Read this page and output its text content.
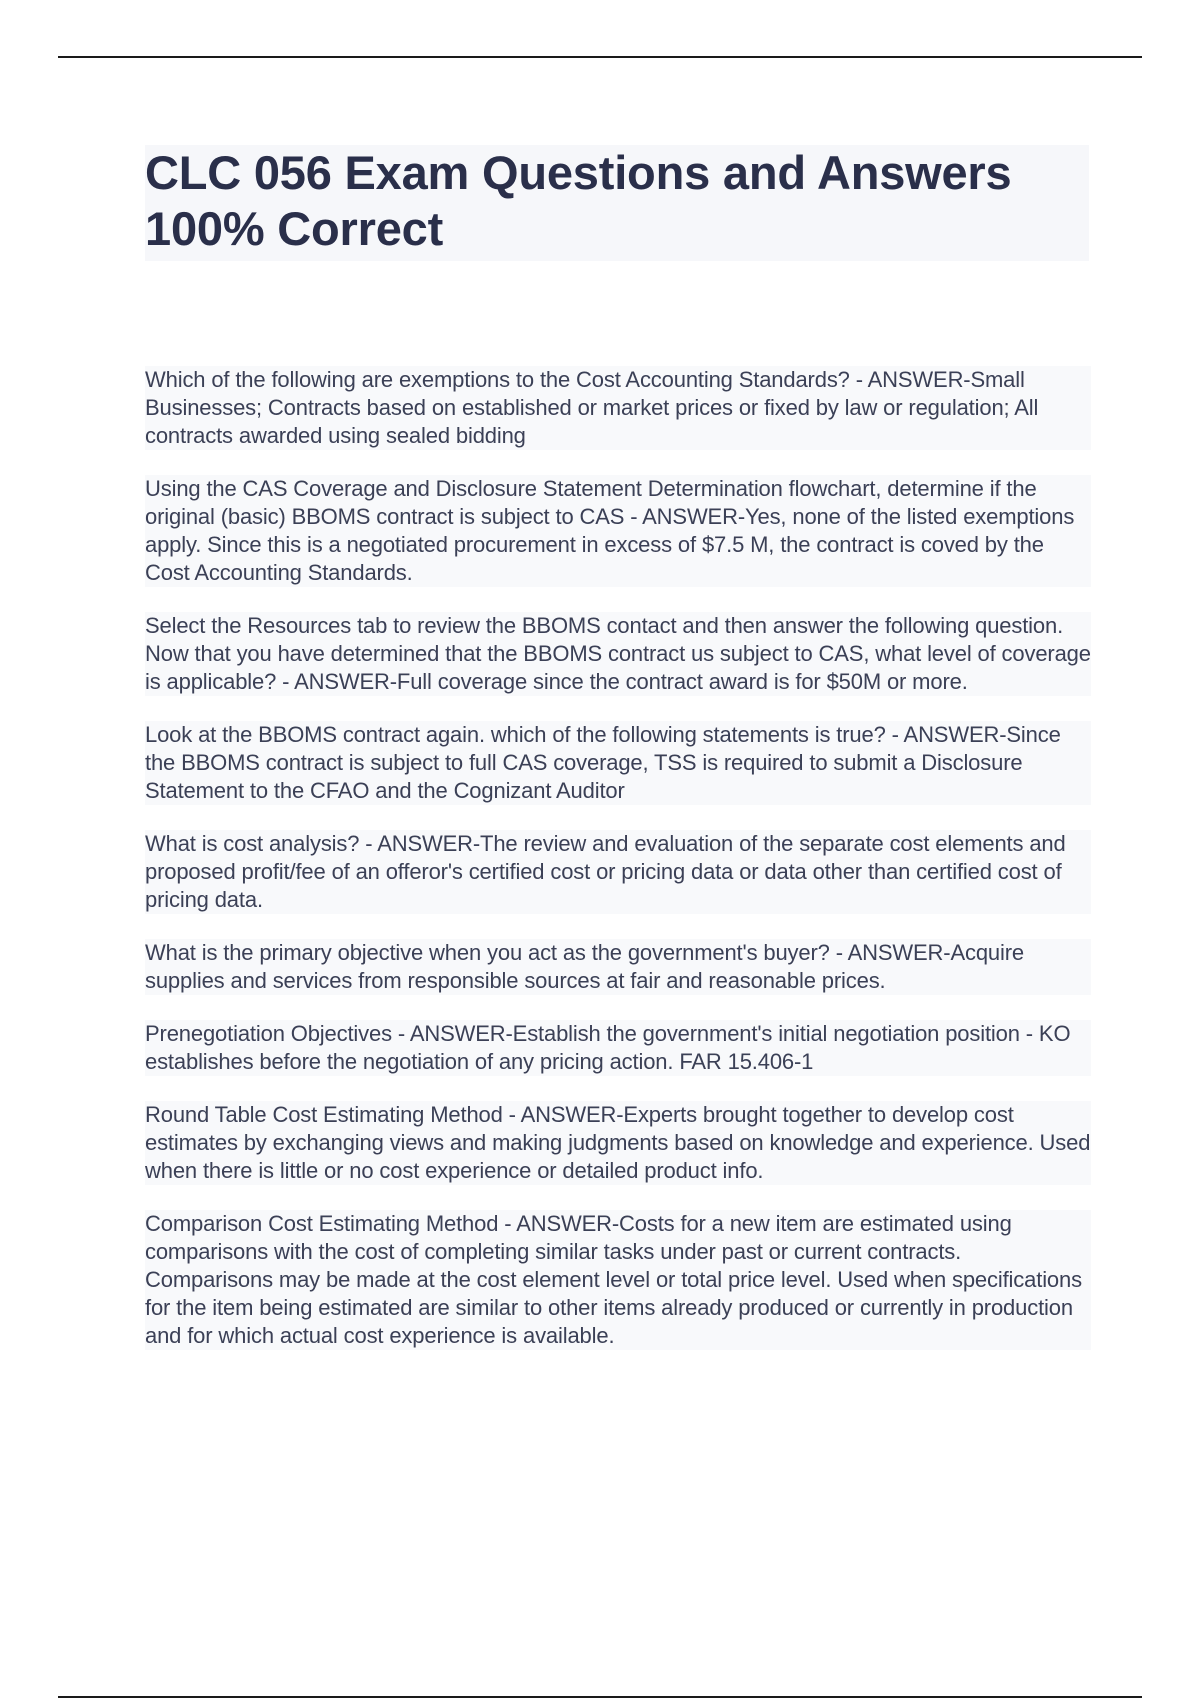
CLC 056 Exam Questions and Answers 100% Correct

Which of the following are exemptions to the Cost Accounting Standards? - ANSWER-Small Businesses; Contracts based on established or market prices or fixed by law or regulation; All contracts awarded using sealed bidding

Using the CAS Coverage and Disclosure Statement Determination flowchart, determine if the original (basic) BBOMS contract is subject to CAS - ANSWER-Yes, none of the listed exemptions apply. Since this is a negotiated procurement in excess of $7.5 M, the contract is coved by the Cost Accounting Standards.

Select the Resources tab to review the BBOMS contact and then answer the following question. Now that you have determined that the BBOMS contract us subject to CAS, what level of coverage is applicable? - ANSWER-Full coverage since the contract award is for $50M or more.

Look at the BBOMS contract again. which of the following statements is true? - ANSWER-Since the BBOMS contract is subject to full CAS coverage, TSS is required to submit a Disclosure Statement to the CFAO and the Cognizant Auditor

What is cost analysis? - ANSWER-The review and evaluation of the separate cost elements and proposed profit/fee of an offeror's certified cost or pricing data or data other than certified cost of pricing data.

What is the primary objective when you act as the government's buyer? - ANSWER-Acquire supplies and services from responsible sources at fair and reasonable prices.

Prenegotiation Objectives - ANSWER-Establish the government's initial negotiation position - KO establishes before the negotiation of any pricing action. FAR 15.406-1

Round Table Cost Estimating Method - ANSWER-Experts brought together to develop cost estimates by exchanging views and making judgments based on knowledge and experience. Used when there is little or no cost experience or detailed product info.

Comparison Cost Estimating Method - ANSWER-Costs for a new item are estimated using comparisons with the cost of completing similar tasks under past or current contracts. Comparisons may be made at the cost element level or total price level. Used when specifications for the item being estimated are similar to other items already produced or currently in production and for which actual cost experience is available.
